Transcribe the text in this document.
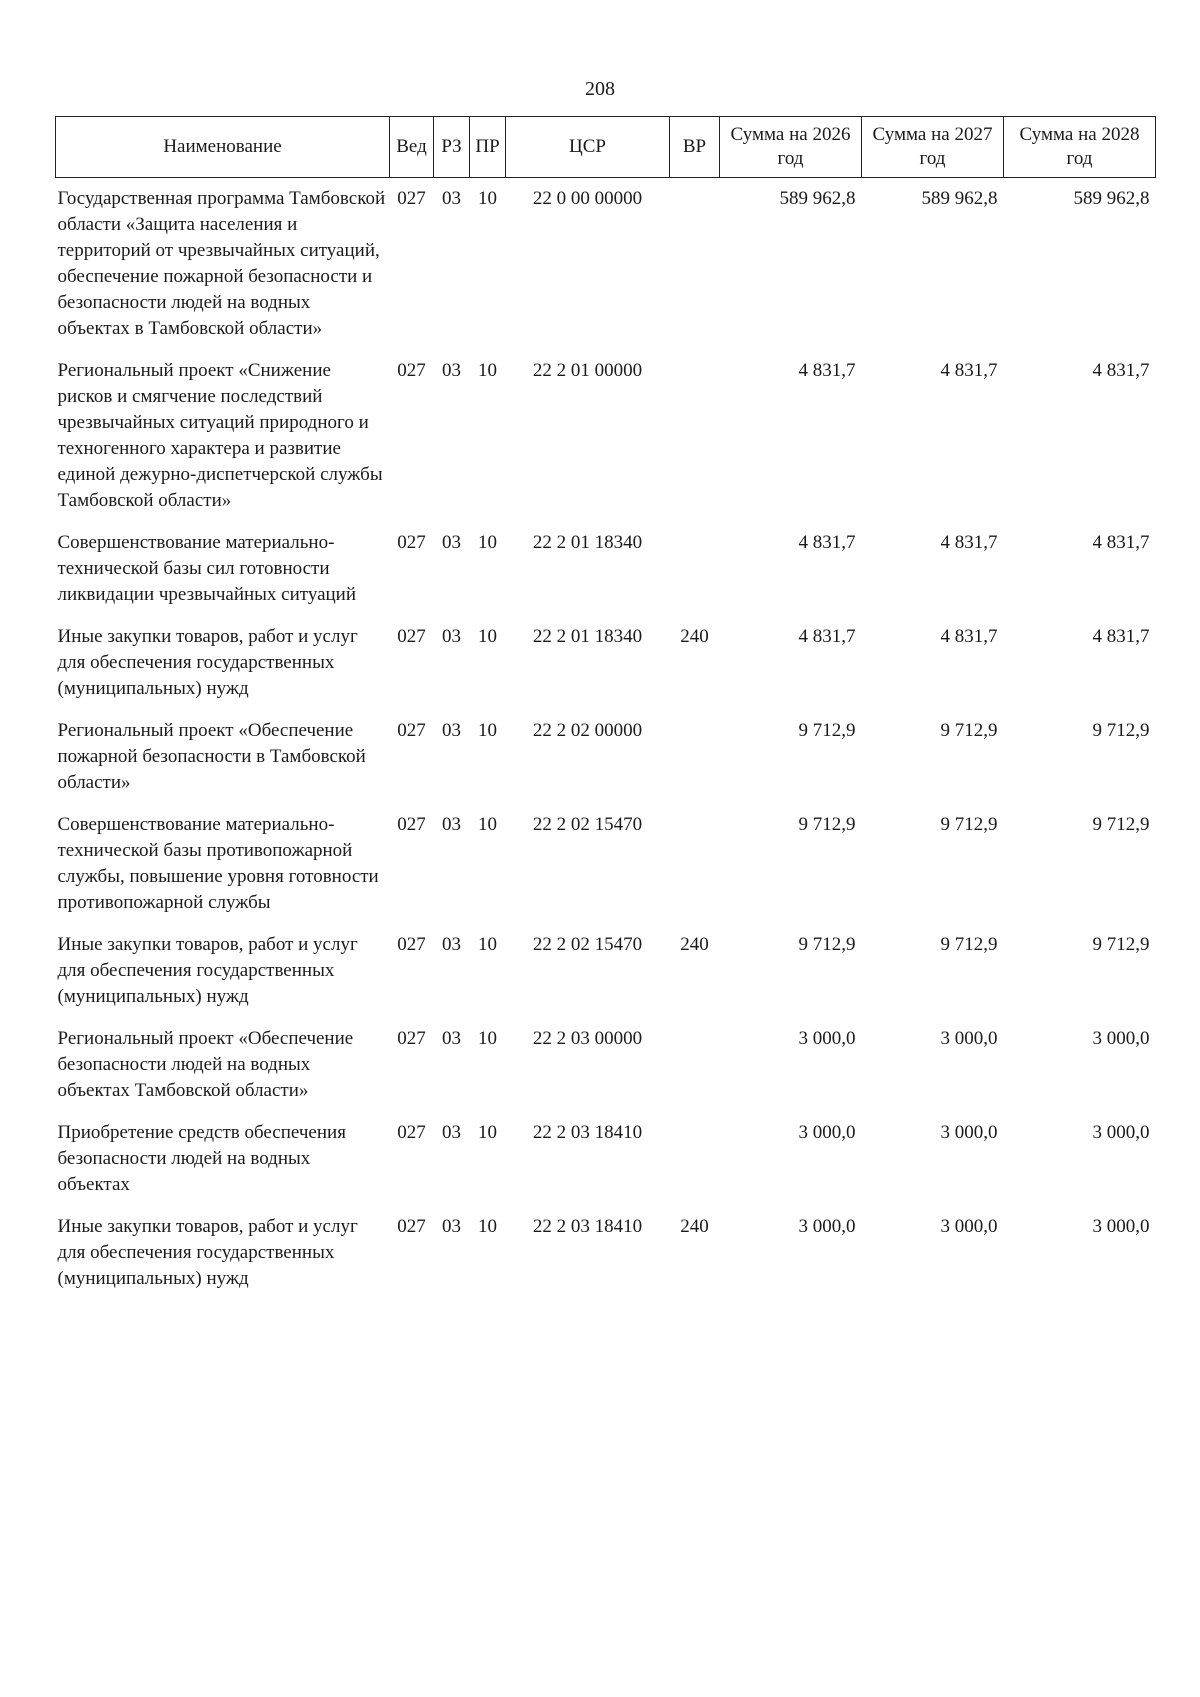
208
Наименование	Вед	РЗ	ПР	ЦСР	ВР	Сумма на 2026 год	Сумма на 2027 год	Сумма на 2028 год
Государственная программа Тамбовской области «Защита населения и территорий от чрезвычайных ситуаций, обеспечение пожарной безопасности и безопасности людей на водных объектах в Тамбовской области»	027	03	10	22 0 00 00000		589 962,8	589 962,8	589 962,8
Региональный проект «Снижение рисков и смягчение последствий чрезвычайных ситуаций природного и техногенного характера и развитие единой дежурно-диспетчерской службы Тамбовской области»	027	03	10	22 2 01 00000		4 831,7	4 831,7	4 831,7
Совершенствование материально-технической базы сил готовности ликвидации чрезвычайных ситуаций	027	03	10	22 2 01 18340		4 831,7	4 831,7	4 831,7
Иные закупки товаров, работ и услуг для обеспечения государственных (муниципальных) нужд	027	03	10	22 2 01 18340	240	4 831,7	4 831,7	4 831,7
Региональный проект «Обеспечение пожарной безопасности в Тамбовской области»	027	03	10	22 2 02 00000		9 712,9	9 712,9	9 712,9
Совершенствование материально-технической базы противопожарной службы, повышение уровня готовности противопожарной службы	027	03	10	22 2 02 15470		9 712,9	9 712,9	9 712,9
Иные закупки товаров, работ и услуг для обеспечения государственных (муниципальных) нужд	027	03	10	22 2 02 15470	240	9 712,9	9 712,9	9 712,9
Региональный проект «Обеспечение безопасности людей на водных объектах Тамбовской области»	027	03	10	22 2 03 00000		3 000,0	3 000,0	3 000,0
Приобретение средств обеспечения безопасности людей на водных объектах	027	03	10	22 2 03 18410		3 000,0	3 000,0	3 000,0
Иные закупки товаров, работ и услуг для обеспечения государственных (муниципальных) нужд	027	03	10	22 2 03 18410	240	3 000,0	3 000,0	3 000,0
